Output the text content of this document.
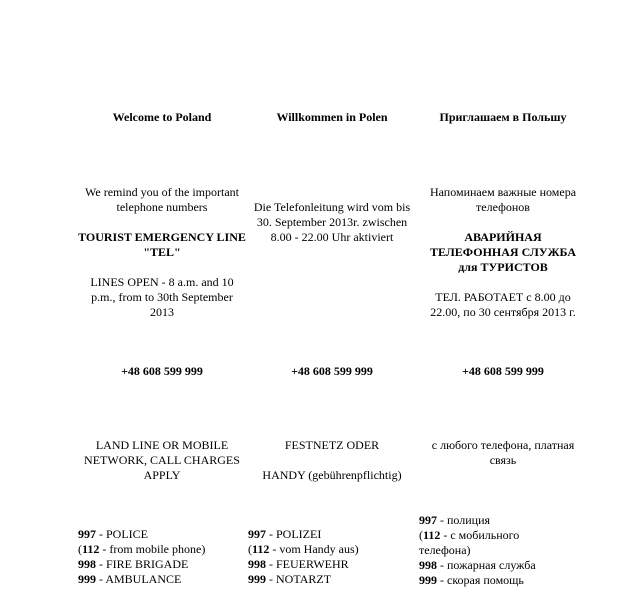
Welcome to Poland

We remind you of the important telephone numbers

TOURIST EMERGENCY LINE "TEL"

LINES OPEN - 8 a.m. and 10 p.m., from to 30th September 2013

+48 608 599 999

LAND LINE OR MOBILE NETWORK, CALL CHARGES APPLY

997 - POLICE

(112 - from mobile phone)

998 - FIRE BRIGADE

999 - AMBULANCE

Willkommen in Polen

Die Telefonleitung wird vom bis 30. September 2013r. zwischen 8.00 - 22.00 Uhr aktiviert

+48 608 599 999

FESTNETZ ODER

HANDY (gebührenpflichtig)

997 - POLIZEI

(112 - vom Handy aus)

998 - FEUERWEHR

999 - NOTARZT

Приглашаем в Польшу

Напоминаем важные номера телефонов

АВАРИЙНАЯ ТЕЛЕФОННАЯ СЛУЖБА для ТУРИСТОВ

ТЕЛ. РАБОТАЕТ с 8.00 до 22.00, по 30 сентября 2013 г.

+48 608 599 999

с любого телефона, платная связь

997 - полиция

(112 - с мобильного

телефона)

998 - пожарная служба

999 - скорая помощь
